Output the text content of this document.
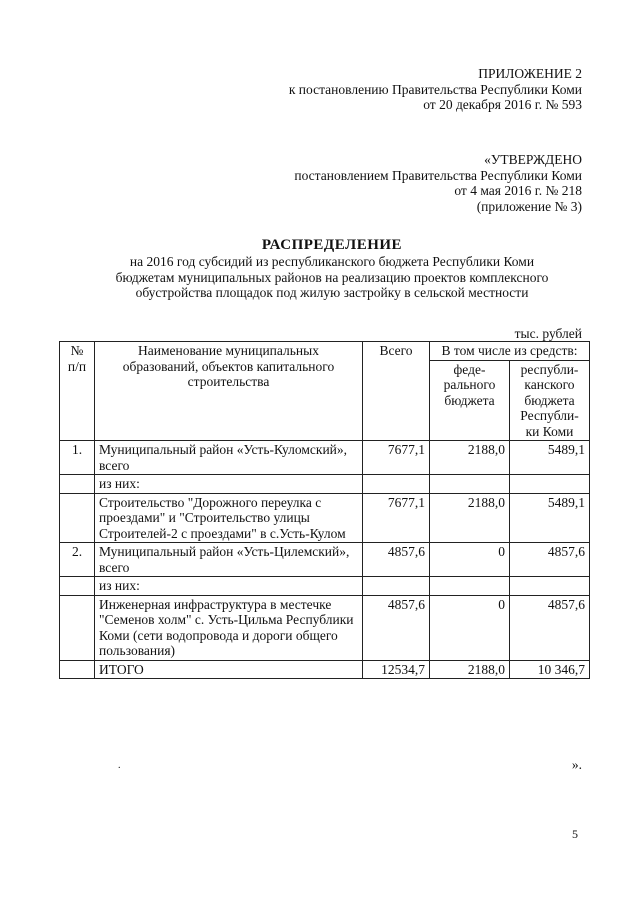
ПРИЛОЖЕНИЕ 2
к постановлению Правительства Республики Коми
от 20 декабря 2016 г. № 593
«УТВЕРЖДЕНО
постановлением Правительства Республики Коми
от 4 мая 2016 г. № 218
(приложение № 3)
РАСПРЕДЕЛЕНИЕ
на 2016 год субсидий из республиканского бюджета Республики Коми
бюджетам муниципальных районов на реализацию проектов комплексного
обустройства площадок под жилую застройку в сельской местности
тыс. рублей
№ п/п	Наименование муниципальных образований, объектов капитального строительства	Всего	В том числе из средств:	
			феде-рального бюджета	республи-канского бюджета Республи-ки Коми
1.	Муниципальный район «Усть-Куломский», всего	7677,1	2188,0	5489,1
	из них:			
	Строительство "Дорожного переулка с проездами" и "Строительство улицы Строителей-2 с проездами" в с.Усть-Кулом	7677,1	2188,0	5489,1
2.	Муниципальный район «Усть-Цилемский», всего	4857,6	0	4857,6
	из них:			
	Инженерная инфраструктура в местечке "Семенов холм" с. Усть-Цильма Республики Коми (сети водопровода и дороги общего пользования)	4857,6	0	4857,6
	ИТОГО	12534,7	2188,0	10 346,7
.	».
5
